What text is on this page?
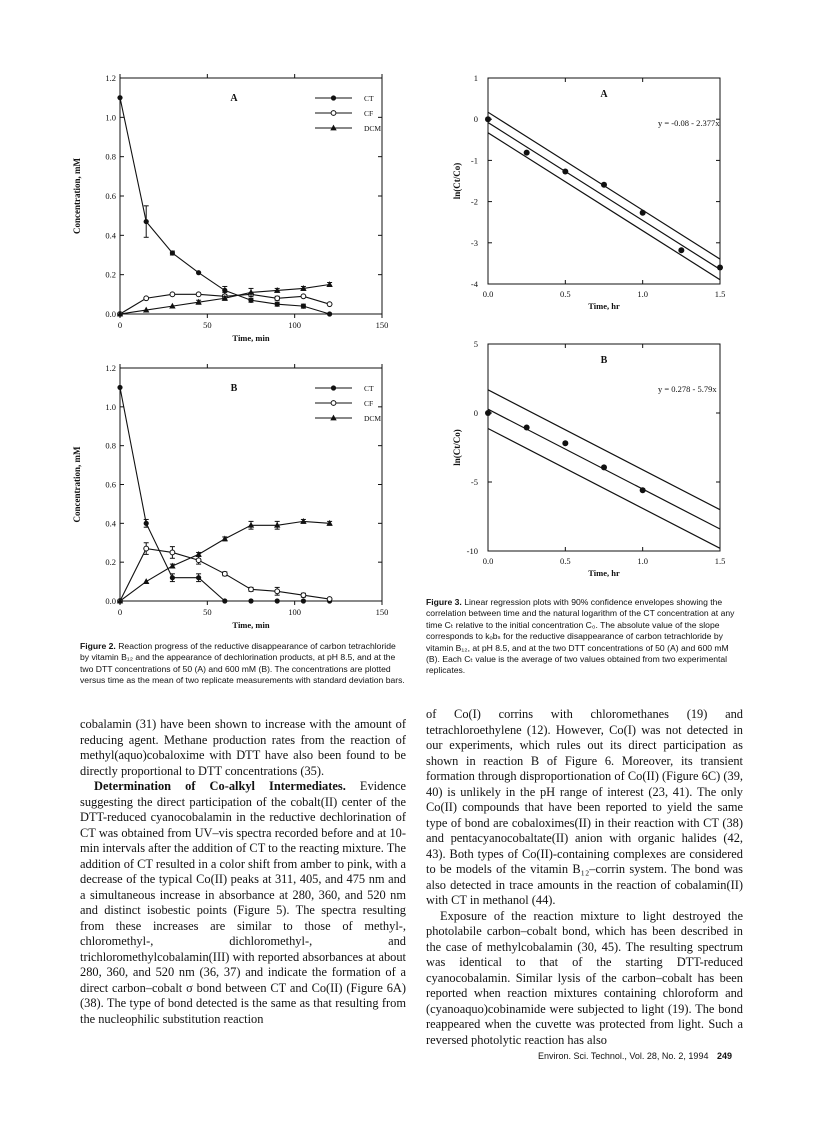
0.0
0.2
0.4
0.6
0.8
1.0
1.2
0	50	100	150
Time, min
Concentration, mM
A	CT
CF
DCM
0.0
0.2
0.4
0.6
0.8
1.0
1.2
0	50	100	150
Time, min
Concentration, mM
B	CT
CF
DCM
-4
-3
-2
-1
0
1
0.0	0.5	1.0	1.5
Time, hr
ln(Ct/Co)
A
y = -0.08 - 2.377x
-10
-5
0
5
0.0	0.5	1.0	1.5
Time, hr
ln(Ct/Co)
B
y = 0.278 - 5.79x
Figure 2. Reaction progress of the reductive disappearance of carbon tetrachloride by vitamin B₁₂ and the appearance of dechlorination products, at pH 8.5, and at the two DTT concentrations of 50 (A) and 600 mM (B). The concentrations are plotted versus time as the mean of two replicate measurements with standard deviation bars.
Figure 3. Linear regression plots with 90% confidence envelopes showing the correlation between time and the natural logarithm of the CT concentration at any time Cₜ relative to the initial concentration C₀. The absolute value of the slope corresponds to kₒbₛ for the reductive disappearance of carbon tetrachloride by vitamin B₁₂, at pH 8.5, and at the two DTT concentrations of 50 (A) and 600 mM (B). Each Cₜ value is the average of two values obtained from two experimental replicates.

cobalamin (31) have been shown to increase with the amount of reducing agent. Methane production rates from the reaction of methyl(aquo)cobaloxime with DTT have also been found to be directly proportional to DTT concentrations (35).

Determination of Co-alkyl Intermediates. Evidence suggesting the direct participation of the cobalt(II) center of the DTT-reduced cyanocobalamin in the reductive dechlorination of CT was obtained from UV–vis spectra recorded before and at 10-min intervals after the addition of CT to the reacting mixture. The addition of CT resulted in a color shift from amber to pink, with a decrease of the typical Co(II) peaks at 311, 405, and 475 nm and a simultaneous increase in absorbance at 280, 360, and 520 nm and distinct isobestic points (Figure 5). The spectra resulting from these increases are similar to those of methyl-, chloromethyl-, dichloromethyl-, and trichloromethylcobalamin(III) with reported absorbances at about 280, 360, and 520 nm (36, 37) and indicate the formation of a direct carbon–cobalt σ bond between CT and Co(II) (Figure 6A) (38). The type of bond detected is the same as that resulting from the nucleophilic substitution reaction

of Co(I) corrins with chloromethanes (19) and tetrachloroethylene (12). However, Co(I) was not detected in our experiments, which rules out its direct participation as shown in reaction B of Figure 6. Moreover, its transient formation through disproportionation of Co(II) (Figure 6C) (39, 40) is unlikely in the pH range of interest (23, 41). The only Co(II) compounds that have been reported to yield the same type of bond are cobaloximes(II) in their reaction with CT (38) and pentacyanocobaltate(II) anion with organic halides (42, 43). Both types of Co(II)-containing complexes are considered to be models of the vitamin B₁₂–corrin system. The bond was also detected in trace amounts in the reaction of cobalamin(II) with CT in methanol (44).

Exposure of the reaction mixture to light destroyed the photolabile carbon–cobalt bond, which has been described in the case of methylcobalamin (30, 45). The resulting spectrum was identical to that of the starting DTT-reduced cyanocobalamin. Similar lysis of the carbon–cobalt has been reported when reaction mixtures containing chloroform and (cyanoaquo)cobinamide were subjected to light (19). The bond reappeared when the cuvette was protected from light. Such a reversed photolytic reaction has also

Environ. Sci. Technol., Vol. 28, No. 2, 1994 249
